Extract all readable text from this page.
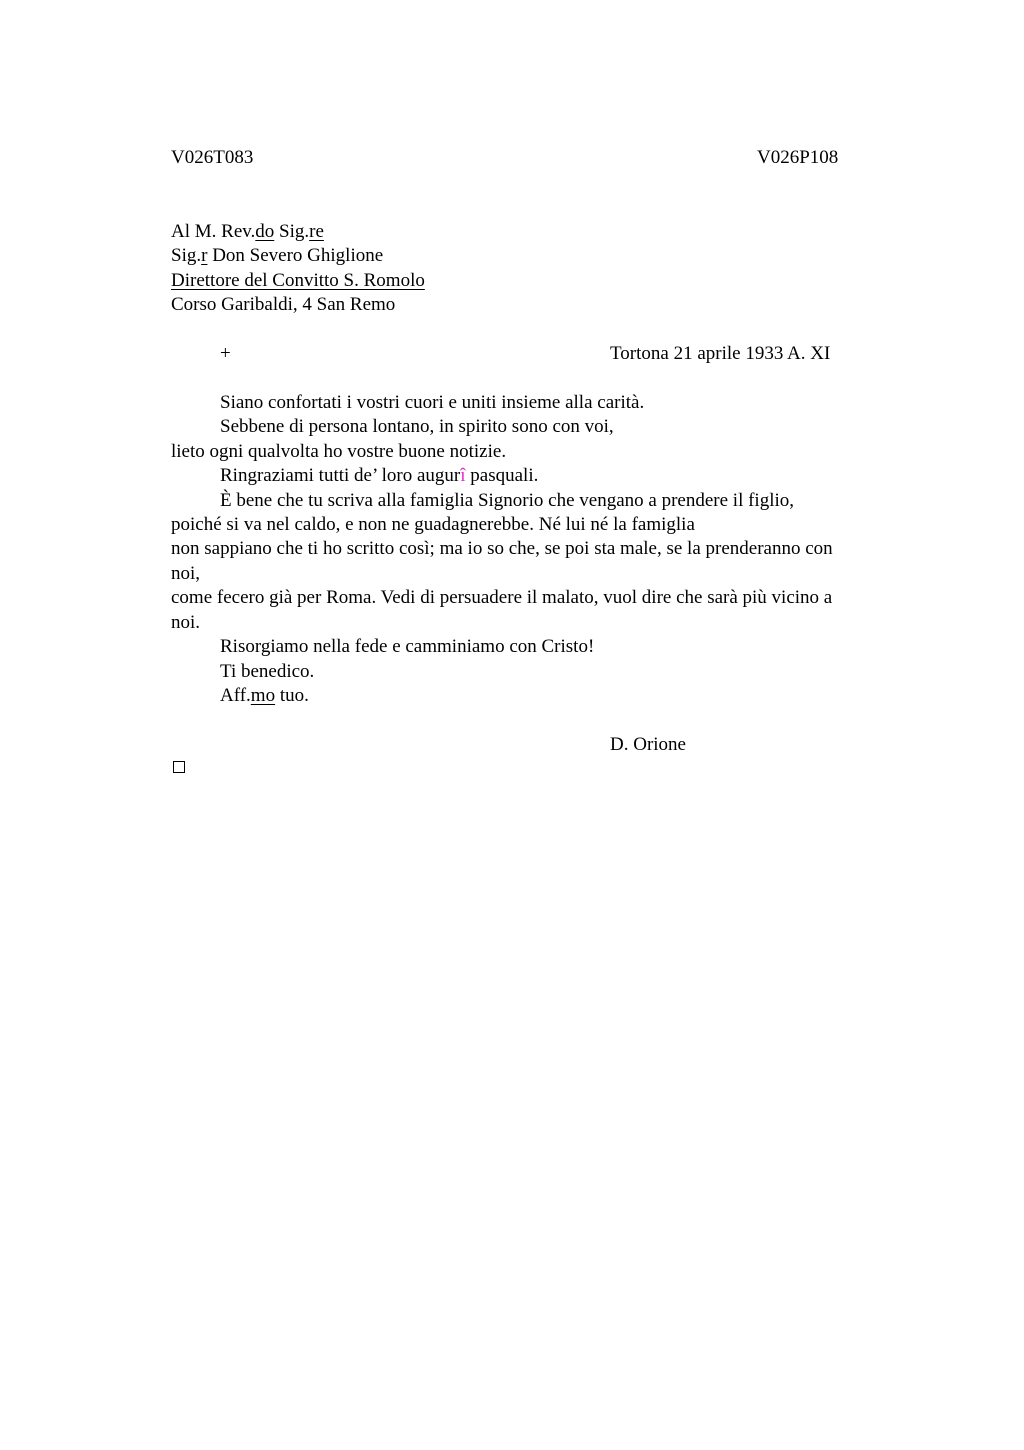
V026T083	V026P108
Al M. Rev.do Sig.re
Sig.r Don Severo Ghiglione
Direttore del Convitto S. Romolo
Corso Garibaldi, 4 San Remo
+	Tortona 21 aprile 1933 A. XI
Siano confortati i vostri cuori e uniti insieme alla carità.
Sebbene di persona lontano, in spirito sono con voi,
lieto ogni qualvolta ho vostre buone notizie.
Ringraziami tutti de’ loro augurî pasquali.
È bene che tu scriva alla famiglia Signorio che vengano a prendere il figlio,
poiché si va nel caldo, e non ne guadagnerebbe. Né lui né la famiglia
non sappiano che ti ho scritto così; ma io so che, se poi sta male, se la prenderanno con
noi,
come fecero già per Roma. Vedi di persuadere il malato, vuol dire che sarà più vicino a
noi.
Risorgiamo nella fede e camminiamo con Cristo!
Ti benedico.
Aff.mo tuo.
D. Orione
